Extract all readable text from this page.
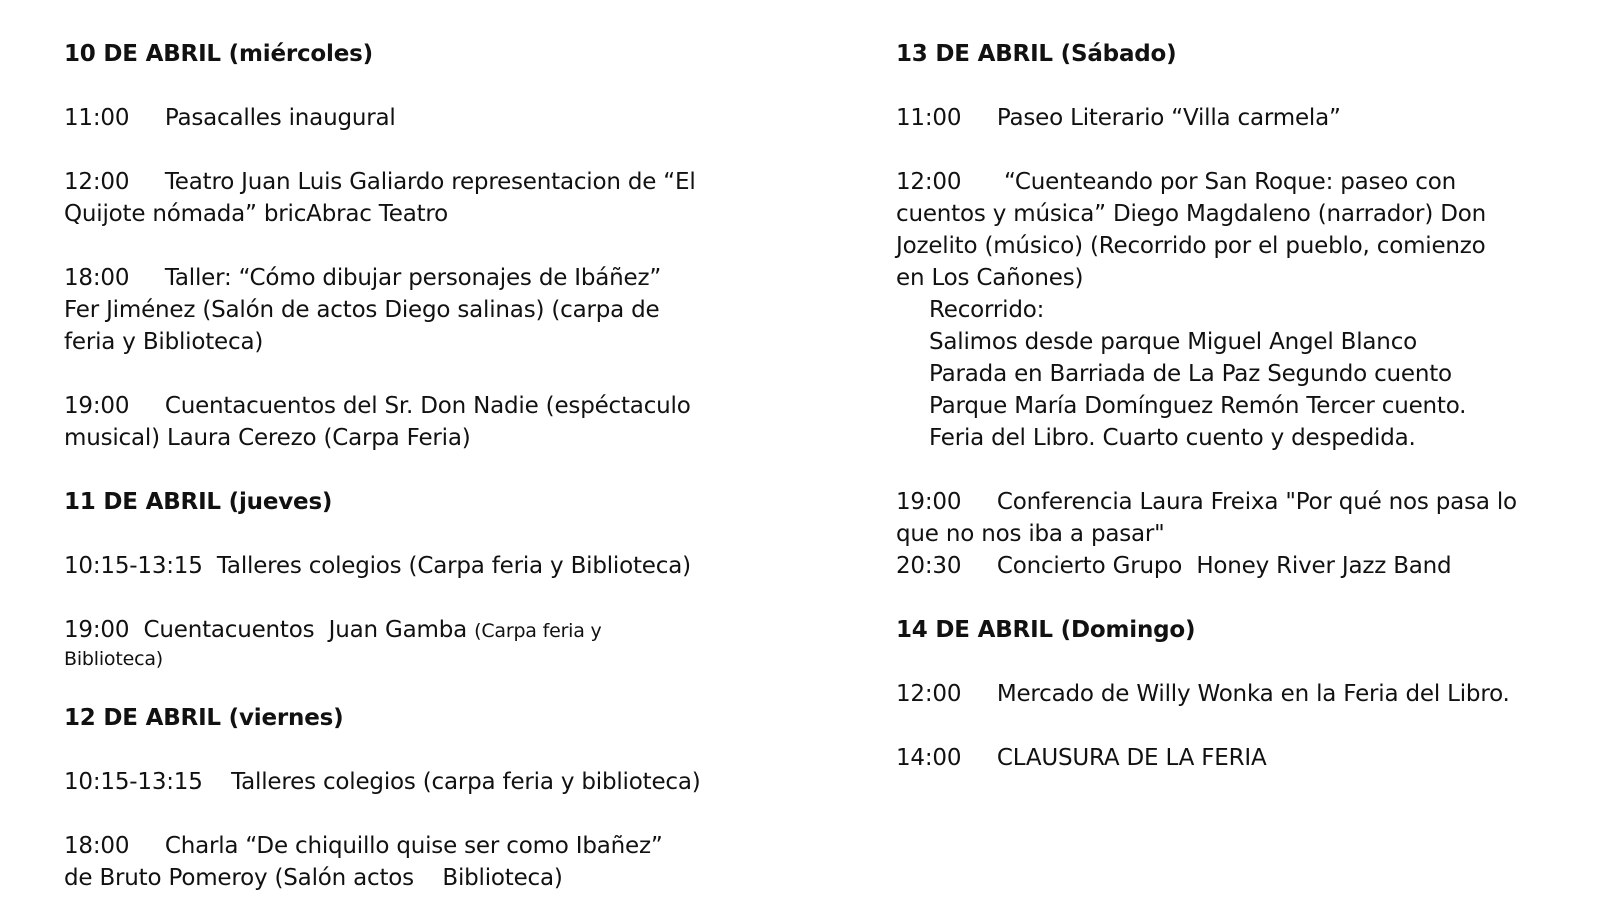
10 DE ABRIL (miércoles)
11:00     Pasacalles inaugural
12:00     Teatro Juan Luis Galiardo representacion de “El
Quijote nómada” bricAbrac Teatro
18:00     Taller: “Cómo dibujar personajes de Ibáñez”
Fer Jiménez (Salón de actos Diego salinas) (carpa de
feria y Biblioteca)
19:00     Cuentacuentos del Sr. Don Nadie (espéctaculo
musical) Laura Cerezo (Carpa Feria)
11 DE ABRIL (jueves)
10:15-13:15  Talleres colegios (Carpa feria y Biblioteca)
19:00  Cuentacuentos  Juan Gamba (Carpa feria y
Biblioteca)
12 DE ABRIL (viernes)
10:15-13:15    Talleres colegios (carpa feria y biblioteca)
18:00     Charla “De chiquillo quise ser como Ibañez”
de Bruto Pomeroy (Salón actos    Biblioteca)
13 DE ABRIL (Sábado)
11:00     Paseo Literario “Villa carmela”
12:00      “Cuenteando por San Roque: paseo con
cuentos y música” Diego Magdaleno (narrador) Don
Jozelito (músico) (Recorrido por el pueblo, comienzo
en Los Cañones)
Recorrido:
Salimos desde parque Miguel Angel Blanco
Parada en Barriada de La Paz Segundo cuento
Parque María Domínguez Remón Tercer cuento.
Feria del Libro. Cuarto cuento y despedida.
19:00     Conferencia Laura Freixa "Por qué nos pasa lo
que no nos iba a pasar"
20:30     Concierto Grupo  Honey River Jazz Band
14 DE ABRIL (Domingo)
12:00     Mercado de Willy Wonka en la Feria del Libro.
14:00     CLAUSURA DE LA FERIA
